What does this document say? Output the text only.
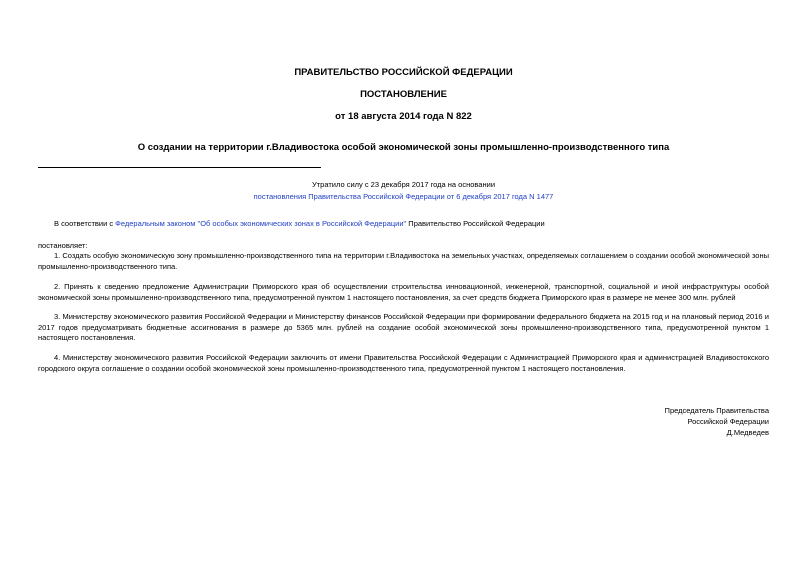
ПРАВИТЕЛЬСТВО РОССИЙСКОЙ ФЕДЕРАЦИИ
ПОСТАНОВЛЕНИЕ
от 18 августа 2014 года N 822
О создании на территории г.Владивостока особой экономической зоны промышленно-производственного типа
Утратило силу с 23 декабря 2017 года на основании
постановления Правительства Российской Федерации от 6 декабря 2017 года N 1477
В соответствии с Федеральным законом "Об особых экономических зонах в Российской Федерации" Правительство Российской Федерации
постановляет:
1. Создать особую экономическую зону промышленно-производственного типа на территории г.Владивостока на земельных участках, определяемых соглашением о создании особой экономической зоны промышленно-производственного типа.
2. Принять к сведению предложение Администрации Приморского края об осуществлении строительства инновационной, инженерной, транспортной, социальной и иной инфраструктуры особой экономической зоны промышленно-производственного типа, предусмотренной пунктом 1 настоящего постановления, за счет средств бюджета Приморского края в размере не менее 300 млн. рублей
3. Министерству экономического развития Российской Федерации и Министерству финансов Российской Федерации при формировании федерального бюджета на 2015 год и на плановый период 2016 и 2017 годов предусматривать бюджетные ассигнования в размере до 5365 млн. рублей на создание особой экономической зоны промышленно-производственного типа, предусмотренной пунктом 1 настоящего постановления.
4. Министерству экономического развития Российской Федерации заключить от имени Правительства Российской Федерации с Администрацией Приморского края и администрацией Владивостокского городского округа соглашение о создании особой экономической зоны промышленно-производственного типа, предусмотренной пунктом 1 настоящего постановления.
Председатель Правительства
Российской Федерации
Д.Медведев
